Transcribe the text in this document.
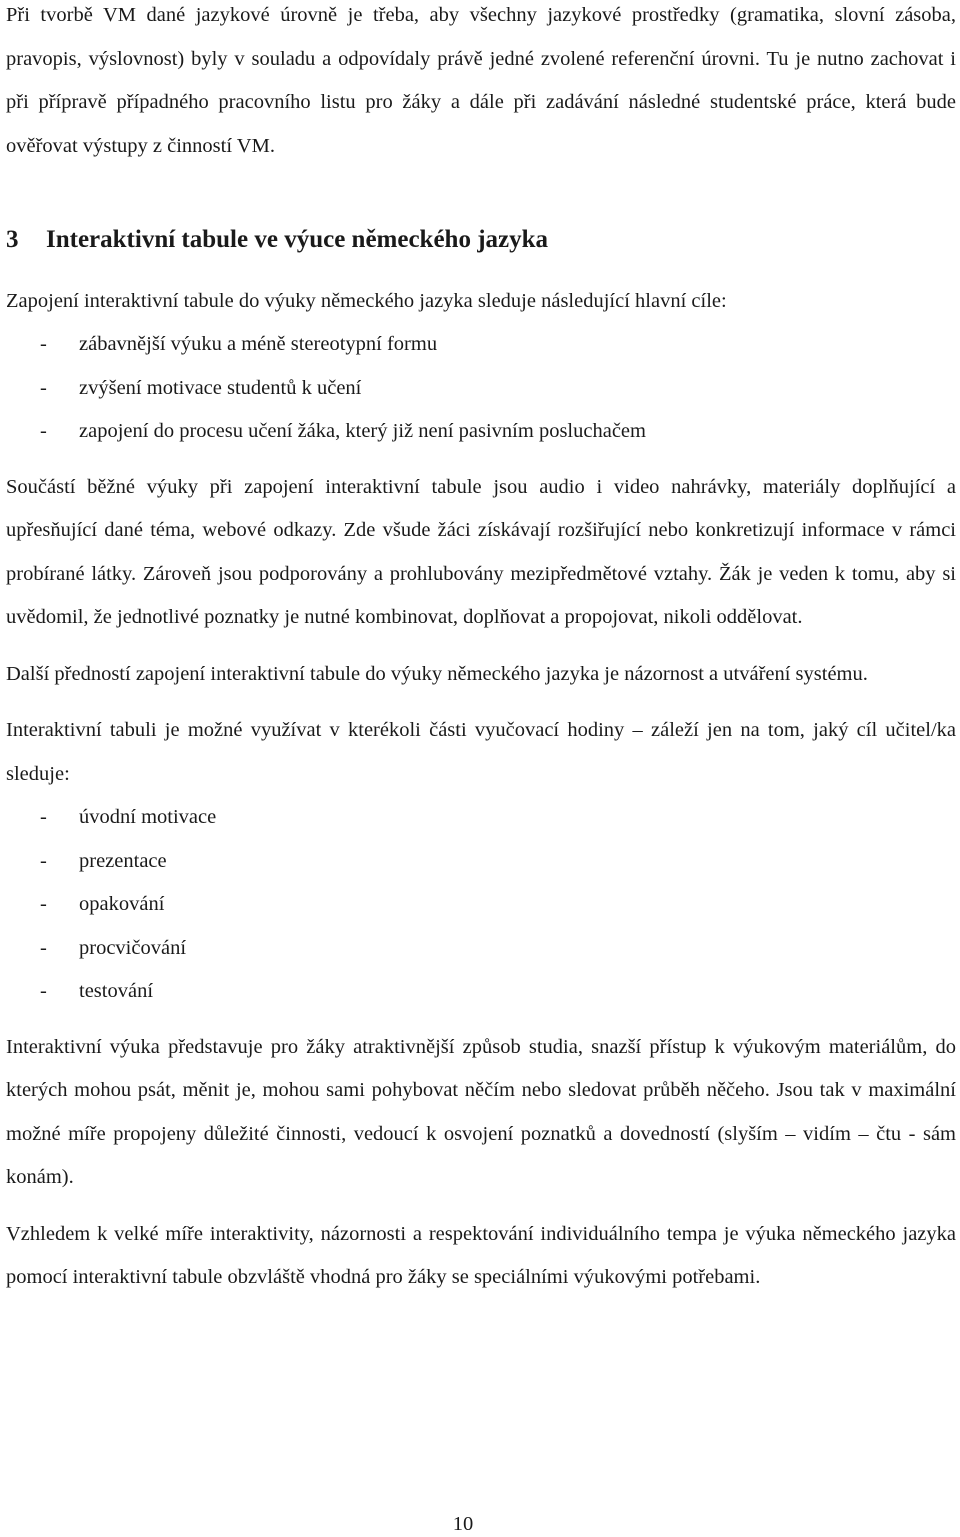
Při tvorbě VM dané jazykové úrovně je třeba, aby všechny jazykové prostředky (gramatika, slovní zásoba, pravopis, výslovnost) byly v souladu a odpovídaly právě jedné zvolené referenční úrovni. Tu je nutno zachovat i při přípravě případného pracovního listu pro žáky a dále při zadávání následné studentské práce, která bude ověřovat výstupy z činností VM.

3	Interaktivní tabule ve výuce německého jazyka

Zapojení interaktivní tabule do výuky německého jazyka sleduje následující hlavní cíle:

- zábavnější výuku a méně stereotypní formu
- zvýšení motivace studentů k učení
- zapojení do procesu učení žáka, který již není pasivním posluchačem

Součástí běžné výuky při zapojení interaktivní tabule jsou audio i video nahrávky, materiály doplňující a upřesňující dané téma, webové odkazy. Zde všude žáci získávají rozšiřující nebo konkretizují informace v rámci probírané látky. Zároveň jsou podporovány a prohlubovány mezipředmětové vztahy. Žák je veden k tomu, aby si uvědomil, že jednotlivé poznatky je nutné kombinovat, doplňovat a propojovat, nikoli oddělovat.

Další předností zapojení interaktivní tabule do výuky německého jazyka je názornost a utváření systému.

Interaktivní tabuli je možné využívat v kterékoli části vyučovací hodiny – záleží jen na tom, jaký cíl učitel/ka sleduje:

- úvodní motivace
- prezentace
- opakování
- procvičování
- testování

Interaktivní výuka představuje pro žáky atraktivnější způsob studia, snazší přístup k výukovým materiálům, do kterých mohou psát, měnit je, mohou sami pohybovat něčím nebo sledovat průběh něčeho. Jsou tak v maximální možné míře propojeny důležité činnosti, vedoucí k osvojení poznatků a dovedností (slyším – vidím – čtu - sám konám).

Vzhledem k velké míře interaktivity, názornosti a respektování individuálního tempa je výuka německého jazyka pomocí interaktivní tabule obzvláště vhodná pro žáky se speciálními výukovými potřebami.

10
